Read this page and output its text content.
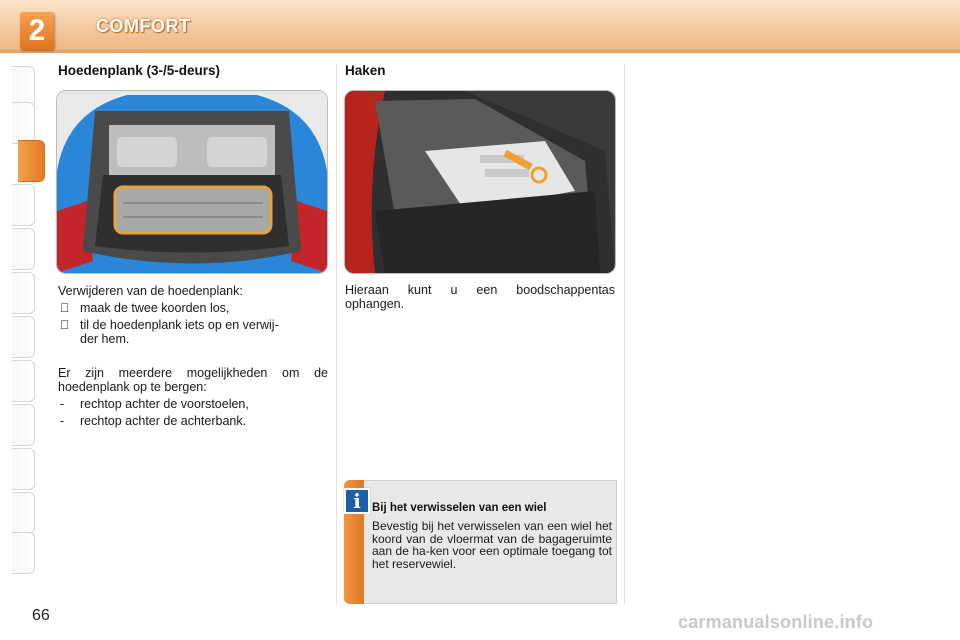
2	COMFORT
Hoedenplank (3-/5-deurs)

Verwijderen van de hoedenplank:

maak de twee koorden los,

til de hoedenplank iets op en verwij-
der hem.

Er zijn meerdere mogelijkheden om de hoedenplank op te bergen:

- rechtop achter de voorstoelen,

- rechtop achter de achterbank.

Haken
Hieraan kunt u een boodschappentas ophangen.
i Bij het verwisselen van een wiel
Bevestig bij het verwisselen van een wiel het koord van de vloermat van de bagageruimte aan de ha-ken voor een optimale toegang tot het reservewiel.
66	carmanualsonline.info
